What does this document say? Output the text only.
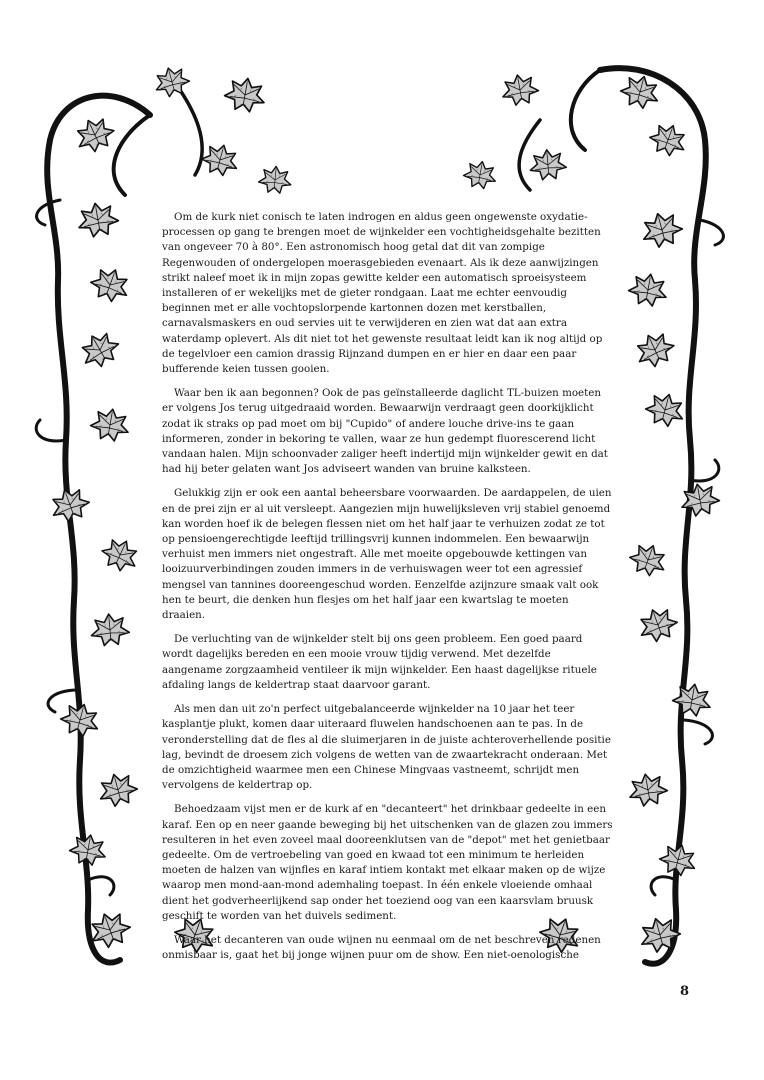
Om de kurk niet conisch te laten indrogen en aldus geen ongewenste oxydatie-processen op gang te brengen moet de wijnkelder een vochtigheidsgehalte bezitten van ongeveer 70 à 80°. Een astronomisch hoog getal dat dit van zompige Regenwouden of ondergelopen moerasgebieden evenaart. Als ik deze aanwijzingen strikt naleef moet ik in mijn zopas gewitte kelder een automatisch sproeisysteem installeren of er wekelijks met de gieter rondgaan. Laat me echter eenvoudig beginnen met er alle vochtopslorpende kartonnen dozen met kerstballen, carnavalsmaskers en oud servies uit te verwijderen en zien wat dat aan extra waterdamp oplevert. Als dit niet tot het gewenste resultaat leidt kan ik nog altijd op de tegelvloer een camion drassig Rijnzand dumpen en er hier en daar een paar bufferende keien tussen gooien.

Waar ben ik aan begonnen? Ook de pas geïnstalleerde daglicht TL-buizen moeten er volgens Jos terug uitgedraaid worden. Bewaarwijn verdraagt geen doorkijklicht zodat ik straks op pad moet om bij "Cupido" of andere louche drive-ins te gaan informeren, zonder in bekoring te vallen, waar ze hun gedempt fluorescerend licht vandaan halen. Mijn schoonvader zaliger heeft indertijd mijn wijnkelder gewit en dat had hij beter gelaten want Jos adviseert wanden van bruine kalksteen.

Gelukkig zijn er ook een aantal beheersbare voorwaarden. De aardappelen, de uien en de prei zijn er al uit versleept. Aangezien mijn huwelijksleven vrij stabiel genoemd kan worden hoef ik de belegen flessen niet om het half jaar te verhuizen zodat ze tot op pensioengerechtigde leeftijd trillingsvrij kunnen indommelen. Een bewaarwijn verhuist men immers niet ongestraft. Alle met moeite opgebouwde kettingen van looizuurverbindingen zouden immers in de verhuiswagen weer tot een agressief mengsel van tannines dooreengeschud worden. Eenzelfde azijnzure smaak valt ook hen te beurt, die denken hun flesjes om het half jaar een kwartslag te moeten draaien.

De verluchting van de wijnkelder stelt bij ons geen probleem. Een goed paard wordt dagelijks bereden en een mooie vrouw tijdig verwend. Met dezelfde aangename zorgzaamheid ventileer ik mijn wijnkelder. Een haast dagelijkse rituele afdaling langs de keldertrap staat daarvoor garant.

Als men dan uit zo'n perfect uitgebalanceerde wijnkelder na 10 jaar het teer kasplantje plukt, komen daar uiteraard fluwelen handschoenen aan te pas. In de veronderstelling dat de fles al die sluimerjaren in de juiste achteroverhellende positie lag, bevindt de droesem zich volgens de wetten van de zwaartekracht onderaan. Met de omzichtigheid waarmee men een Chinese Mingvaas vastneemt, schrijdt men vervolgens de keldertrap op.

Behoedzaam vijst men er de kurk af en "decanteert" het drinkbaar gedeelte in een karaf. Een op en neer gaande beweging bij het uitschenken van de glazen zou immers resulteren in het even zoveel maal dooreenklutsen van de "depot" met het genietbaar gedeelte. Om de vertroebeling van goed en kwaad tot een minimum te herleiden moeten de halzen van wijnfles en karaf intiem kontakt met elkaar maken op de wijze waarop men mond-aan-mond ademhaling toepast. In één enkele vloeiende omhaal dient het godverheerlijkend sap onder het toeziend oog van een kaarsvlam bruusk geschift te worden van het duivels sediment.

Waar het decanteren van oude wijnen nu eenmaal om de net beschreven redenen onmisbaar is, gaat het bij jonge wijnen puur om de show. Een niet-oenologische

8
